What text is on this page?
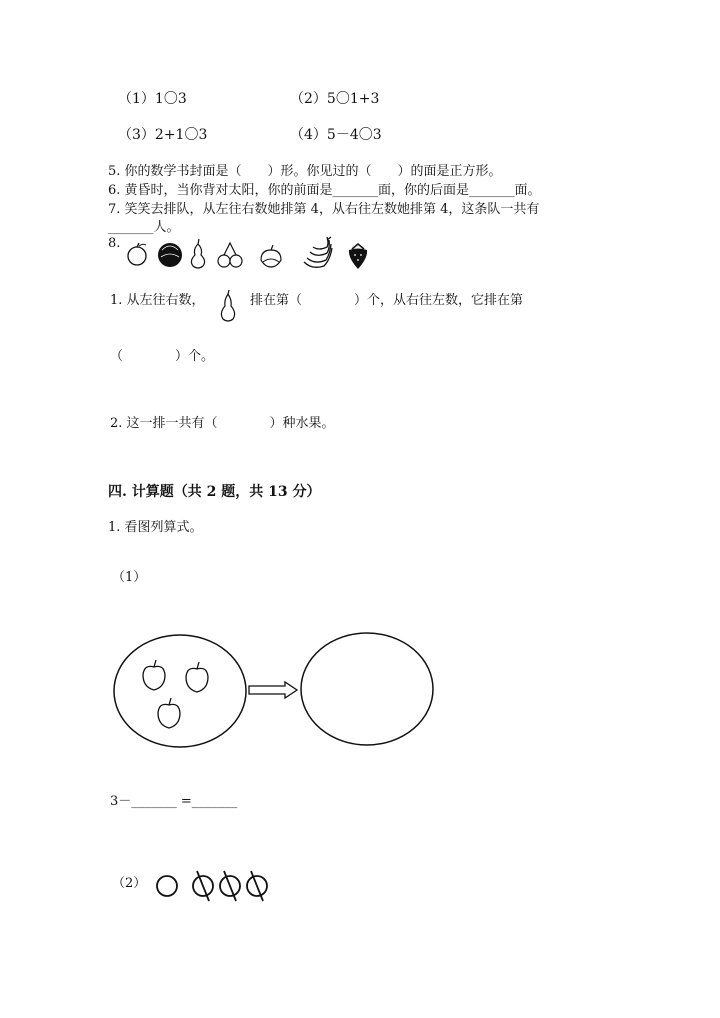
（1）1〇3	（2）5〇1+3
（3）2+1〇3	（4）5－4〇3
5. 你的数学书封面是（　　）形。你见过的（　　）的面是正方形。
6. 黄昏时，当你背对太阳，你的前面是_______面，你的后面是_______面。
7. 笑笑去排队，从左往右数她排第 4，从右往左数她排第 4，这条队一共有
_______人。
8.
1. 从左往右数，	排在第（　　　　）个，从右往左数，它排在第
（　　　　）个。
2. 这一排一共有（　　　　）种水果。
四. 计算题（共 2 题，共 13 分）
1. 看图列算式。
（1）
3－_______ =_______
（2）
